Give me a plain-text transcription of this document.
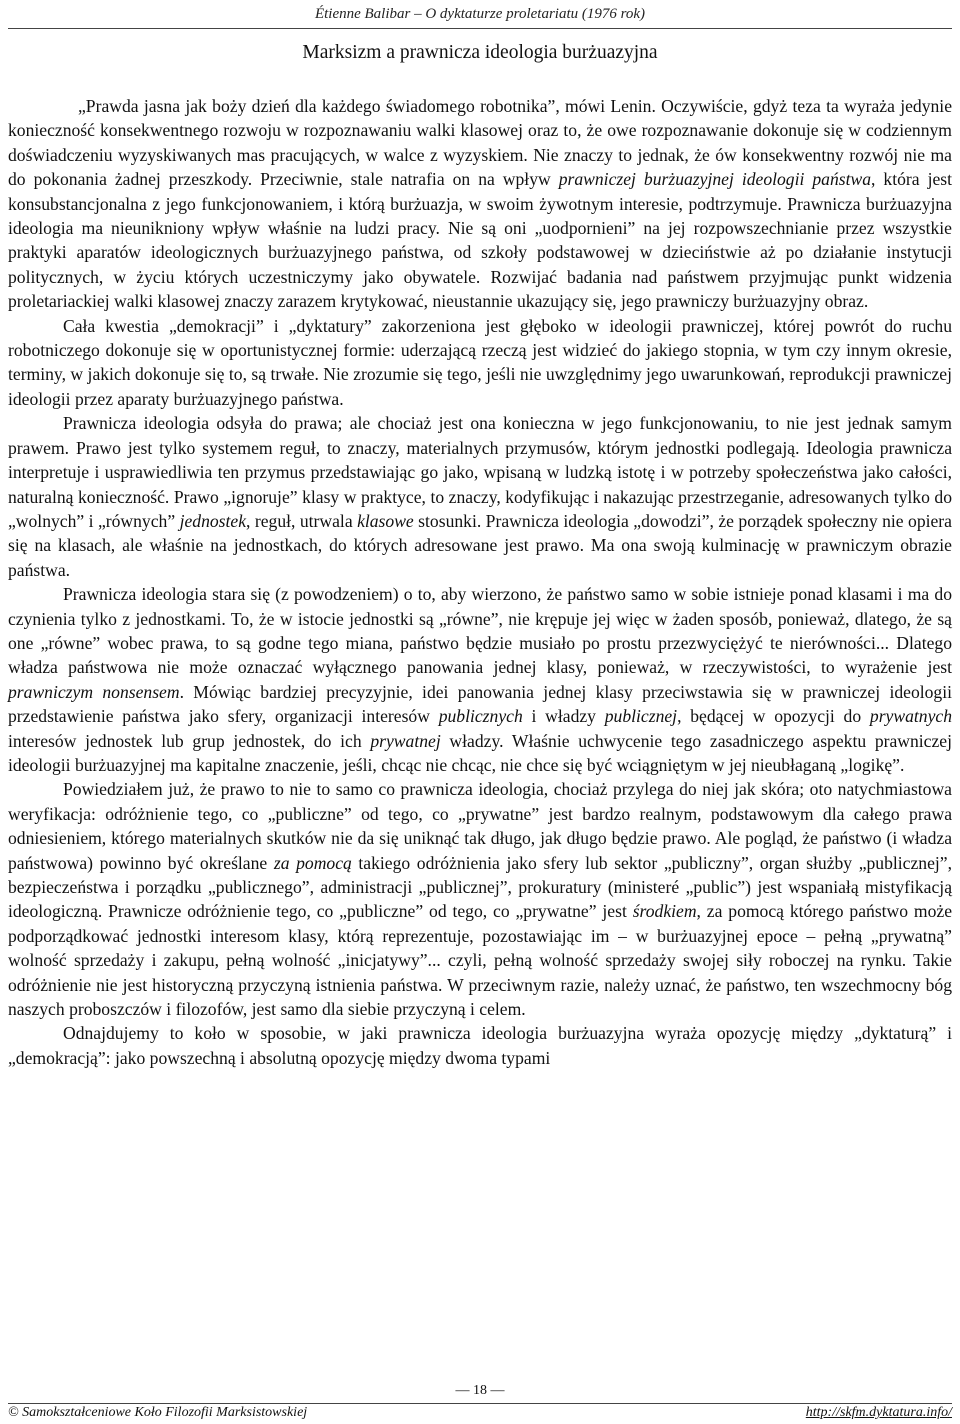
Étienne Balibar – O dyktaturze proletariatu (1976 rok)
Marksizm a prawnicza ideologia burżuazyjna

„Prawda jasna jak boży dzień dla każdego świadomego robotnika”, mówi Lenin. Oczywiście, gdyż teza ta wyraża jedynie konieczność konsekwentnego rozwoju w rozpoznawaniu walki klasowej oraz to, że owe rozpoznawanie dokonuje się w codziennym doświadczeniu wyzyskiwanych mas pracujących, w walce z wyzyskiem. Nie znaczy to jednak, że ów konsekwentny rozwój nie ma do pokonania żadnej przeszkody. Przeciwnie, stale natrafia on na wpływ prawniczej burżuazyjnej ideologii państwa, która jest konsubstancjonalna z jego funkcjonowaniem, i którą burżuazja, w swoim żywotnym interesie, podtrzymuje. Prawnicza burżuazyjna ideologia ma nieunikniony wpływ właśnie na ludzi pracy. Nie są oni „uodpornieni” na jej rozpowszechnianie przez wszystkie praktyki aparatów ideologicznych burżuazyjnego państwa, od szkoły podstawowej w dzieciństwie aż po działanie instytucji politycznych, w życiu których uczestniczymy jako obywatele. Rozwijać badania nad państwem przyjmując punkt widzenia proletariackiej walki klasowej znaczy zarazem krytykować, nieustannie ukazujący się, jego prawniczy burżuazyjny obraz.

Cała kwestia „demokracji” i „dyktatury” zakorzeniona jest głęboko w ideologii prawniczej, której powrót do ruchu robotniczego dokonuje się w oportunistycznej formie: uderzającą rzeczą jest widzieć do jakiego stopnia, w tym czy innym okresie, terminy, w jakich dokonuje się to, są trwałe. Nie zrozumie się tego, jeśli nie uwzględnimy jego uwarunkowań, reprodukcji prawniczej ideologii przez aparaty burżuazyjnego państwa.

Prawnicza ideologia odsyła do prawa; ale chociaż jest ona konieczna w jego funkcjonowaniu, to nie jest jednak samym prawem. Prawo jest tylko systemem reguł, to znaczy, materialnych przymusów, którym jednostki podlegają. Ideologia prawnicza interpretuje i usprawiedliwia ten przymus przedstawiając go jako, wpisaną w ludzką istotę i w potrzeby społeczeństwa jako całości, naturalną konieczność. Prawo „ignoruje” klasy w praktyce, to znaczy, kodyfikując i nakazując przestrzeganie, adresowanych tylko do „wolnych” i „równych” jednostek, reguł, utrwala klasowe stosunki. Prawnicza ideologia „dowodzi”, że porządek społeczny nie opiera się na klasach, ale właśnie na jednostkach, do których adresowane jest prawo. Ma ona swoją kulminację w prawniczym obrazie państwa.

Prawnicza ideologia stara się (z powodzeniem) o to, aby wierzono, że państwo samo w sobie istnieje ponad klasami i ma do czynienia tylko z jednostkami. To, że w istocie jednostki są „równe”, nie krępuje jej więc w żaden sposób, ponieważ, dlatego, że są one „równe” wobec prawa, to są godne tego miana, państwo będzie musiało po prostu przezwyciężyć te nierówności... Dlatego władza państwowa nie może oznaczać wyłącznego panowania jednej klasy, ponieważ, w rzeczywistości, to wyrażenie jest prawniczym nonsensem. Mówiąc bardziej precyzyjnie, idei panowania jednej klasy przeciwstawia się w prawniczej ideologii przedstawienie państwa jako sfery, organizacji interesów publicznych i władzy publicznej, będącej w opozycji do prywatnych interesów jednostek lub grup jednostek, do ich prywatnej władzy. Właśnie uchwycenie tego zasadniczego aspektu prawniczej ideologii burżuazyjnej ma kapitalne znaczenie, jeśli, chcąc nie chcąc, nie chce się być wciągniętym w jej nieubłaganą „logikę”.

Powiedziałem już, że prawo to nie to samo co prawnicza ideologia, chociaż przylega do niej jak skóra; oto natychmiastowa weryfikacja: odróżnienie tego, co „publiczne” od tego, co „prywatne” jest bardzo realnym, podstawowym dla całego prawa odniesieniem, którego materialnych skutków nie da się uniknąć tak długo, jak długo będzie prawo. Ale pogląd, że państwo (i władza państwowa) powinno być określane za pomocą takiego odróżnienia jako sfery lub sektor „publiczny”, organ służby „publicznej”, bezpieczeństwa i porządku „publicznego”, administracji „publicznej”, prokuratury (ministeré „public”) jest wspaniałą mistyfikacją ideologiczną. Prawnicze odróżnienie tego, co „publiczne” od tego, co „prywatne” jest środkiem, za pomocą którego państwo może podporządkować jednostki interesom klasy, którą reprezentuje, pozostawiając im – w burżuazyjnej epoce – pełną „prywatną” wolność sprzedaży i zakupu, pełną wolność „inicjatywy”... czyli, pełną wolność sprzedaży swojej siły roboczej na rynku. Takie odróżnienie nie jest historyczną przyczyną istnienia państwa. W przeciwnym razie, należy uznać, że państwo, ten wszechmocny bóg naszych proboszczów i filozofów, jest samo dla siebie przyczyną i celem.

Odnajdujemy to koło w sposobie, w jaki prawnicza ideologia burżuazyjna wyraża opozycję między „dyktaturą” i „demokracją”: jako powszechną i absolutną opozycję między dwoma typami

— 18 —
© Samokształceniowe Koło Filozofii Marksistowskiej	http://skfm.dyktatura.info/
